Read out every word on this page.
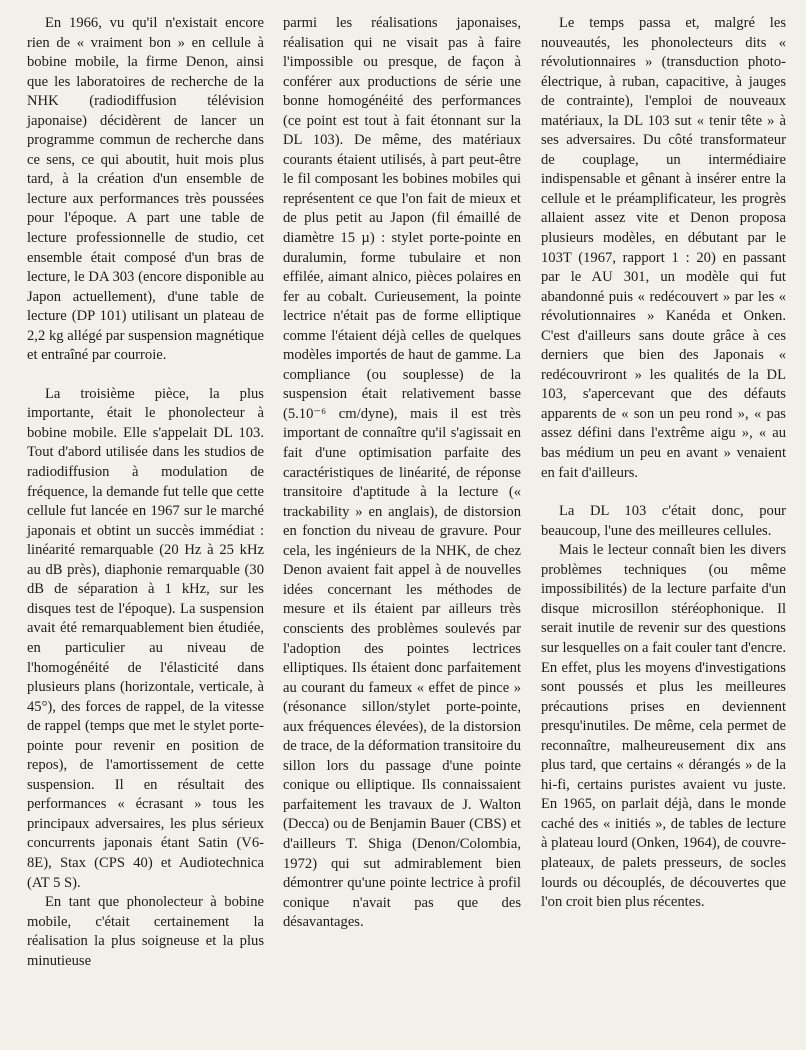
En 1966, vu qu'il n'existait encore rien de « vraiment bon » en cellule à bobine mobile, la firme Denon, ainsi que les laboratoires de recherche de la NHK (radiodiffusion télévision japonaise) décidèrent de lancer un programme commun de recherche dans ce sens, ce qui aboutit, huit mois plus tard, à la création d'un ensemble de lecture aux performances très poussées pour l'époque. A part une table de lecture professionnelle de studio, cet ensemble était composé d'un bras de lecture, le DA 303 (encore disponible au Japon actuellement), d'une table de lecture (DP 101) utilisant un plateau de 2,2 kg allégé par suspension magnétique et entraîné par courroie.

La troisième pièce, la plus importante, était le phonolecteur à bobine mobile. Elle s'appelait DL 103. Tout d'abord utilisée dans les studios de radiodiffusion à modulation de fréquence, la demande fut telle que cette cellule fut lancée en 1967 sur le marché japonais et obtint un succès immédiat : linéarité remarquable (20 Hz à 25 kHz au dB près), diaphonie remarquable (30 dB de séparation à 1 kHz, sur les disques test de l'époque). La suspension avait été remarquablement bien étudiée, en particulier au niveau de l'homogénéité de l'élasticité dans plusieurs plans (horizontale, verticale, à 45°), des forces de rappel, de la vitesse de rappel (temps que met le stylet porte-pointe pour revenir en position de repos), de l'amortissement de cette suspension. Il en résultait des performances « écrasant » tous les principaux adversaires, les plus sérieux concurrents japonais étant Satin (V6-8E), Stax (CPS 40) et Audiotechnica (AT 5 S).

En tant que phonolecteur à bobine mobile, c'était certainement la réalisation la plus soigneuse et la plus minutieuse

parmi les réalisations japonaises, réalisation qui ne visait pas à faire l'impossible ou presque, de façon à conférer aux productions de série une bonne homogénéité des performances (ce point est tout à fait étonnant sur la DL 103). De même, des matériaux courants étaient utilisés, à part peut-être le fil composant les bobines mobiles qui représentent ce que l'on fait de mieux et de plus petit au Japon (fil émaillé de diamètre 15 µ) : stylet porte-pointe en duralumin, forme tubulaire et non effilée, aimant alnico, pièces polaires en fer au cobalt. Curieusement, la pointe lectrice n'était pas de forme elliptique comme l'étaient déjà celles de quelques modèles importés de haut de gamme. La compliance (ou souplesse) de la suspension était relativement basse (5.10⁻⁶ cm/dyne), mais il est très important de connaître qu'il s'agissait en fait d'une optimisation parfaite des caractéristiques de linéarité, de réponse transitoire d'aptitude à la lecture (« trackability » en anglais), de distorsion en fonction du niveau de gravure. Pour cela, les ingénieurs de la NHK, de chez Denon avaient fait appel à de nouvelles idées concernant les méthodes de mesure et ils étaient par ailleurs très conscients des problèmes soulevés par l'adoption des pointes lectrices elliptiques. Ils étaient donc parfaitement au courant du fameux « effet de pince » (résonance sillon/stylet porte-pointe, aux fréquences élevées), de la distorsion de trace, de la déformation transitoire du sillon lors du passage d'une pointe conique ou elliptique. Ils connaissaient parfaitement les travaux de J. Walton (Decca) ou de Benjamin Bauer (CBS) et d'ailleurs T. Shiga (Denon/Colombia, 1972) qui sut admirablement bien démontrer qu'une pointe lectrice à profil conique n'avait pas que des désavantages.

Le temps passa et, malgré les nouveautés, les phonolecteurs dits « révolutionnaires » (transduction photo-électrique, à ruban, capacitive, à jauges de contrainte), l'emploi de nouveaux matériaux, la DL 103 sut « tenir tête » à ses adversaires. Du côté transformateur de couplage, un intermédiaire indispensable et gênant à insérer entre la cellule et le préamplificateur, les progrès allaient assez vite et Denon proposa plusieurs modèles, en débutant par le 103T (1967, rapport 1 : 20) en passant par le AU 301, un modèle qui fut abandonné puis « redécouvert » par les « révolutionnaires » Kanéda et Onken. C'est d'ailleurs sans doute grâce à ces derniers que bien des Japonais « redécouvriront » les qualités de la DL 103, s'apercevant que des défauts apparents de « son un peu rond », « pas assez défini dans l'extrême aigu », « au bas médium un peu en avant » venaient en fait d'ailleurs.

La DL 103 c'était donc, pour beaucoup, l'une des meilleures cellules.

Mais le lecteur connaît bien les divers problèmes techniques (ou même impossibilités) de la lecture parfaite d'un disque microsillon stéréophonique. Il serait inutile de revenir sur des questions sur lesquelles on a fait couler tant d'encre. En effet, plus les moyens d'investigations sont poussés et plus les meilleures précautions prises en deviennent presqu'inutiles. De même, cela permet de reconnaître, malheureusement dix ans plus tard, que certains « dérangés » de la hi-fi, certains puristes avaient vu juste. En 1965, on parlait déjà, dans le monde caché des « initiés », de tables de lecture à plateau lourd (Onken, 1964), de couvre-plateaux, de palets presseurs, de socles lourds ou découplés, de découvertes que l'on croit bien plus récentes.
